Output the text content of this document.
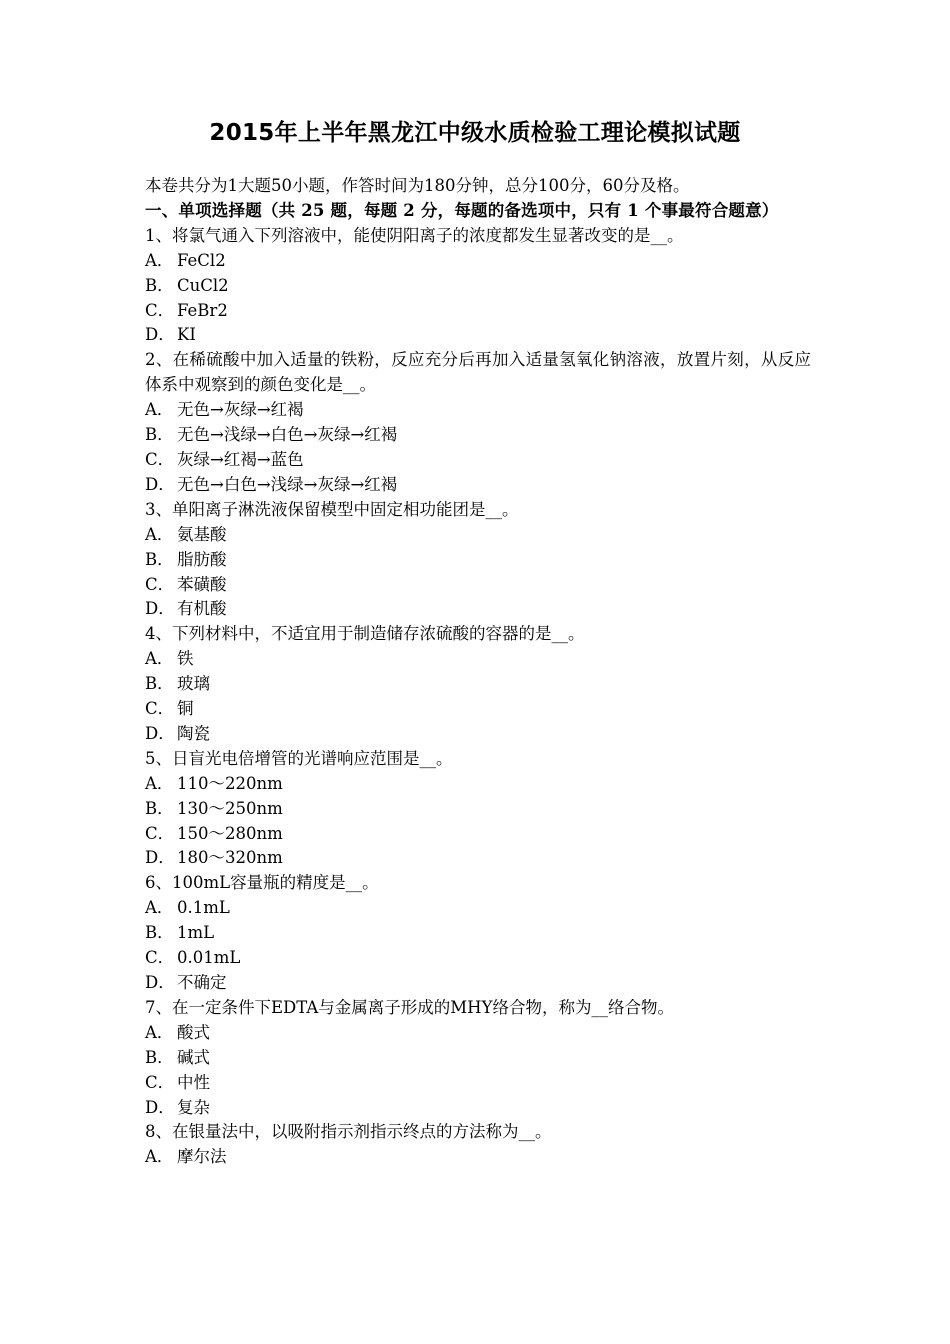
2015年上半年黑龙江中级水质检验工理论模拟试题
本卷共分为1大题50小题，作答时间为180分钟，总分100分，60分及格。
一、单项选择题（共 25 题，每题 2 分，每题的备选项中，只有 1 个事最符合题意）
1、将氯气通入下列溶液中，能使阴阳离子的浓度都发生显著改变的是__。
A． FeCl2
B． CuCl2
C． FeBr2
D． KI
2、在稀硫酸中加入适量的铁粉，反应充分后再加入适量氢氧化钠溶液，放置片刻，从反应体系中观察到的颜色变化是__。
A． 无色→灰绿→红褐
B． 无色→浅绿→白色→灰绿→红褐
C． 灰绿→红褐→蓝色
D． 无色→白色→浅绿→灰绿→红褐
3、单阳离子淋洗液保留模型中固定相功能团是__。
A． 氨基酸
B． 脂肪酸
C． 苯磺酸
D． 有机酸
4、下列材料中，不适宜用于制造储存浓硫酸的容器的是__。
A． 铁
B． 玻璃
C． 铜
D． 陶瓷
5、日盲光电倍增管的光谱响应范围是__。
A． 110～220nm
B． 130～250nm
C． 150～280nm
D． 180～320nm
6、100mL容量瓶的精度是__。
A． 0.1mL
B． 1mL
C． 0.01mL
D． 不确定
7、在一定条件下EDTA与金属离子形成的MHY络合物，称为__络合物。
A． 酸式
B． 碱式
C． 中性
D． 复杂
8、在银量法中，以吸附指示剂指示终点的方法称为__。
A． 摩尔法
